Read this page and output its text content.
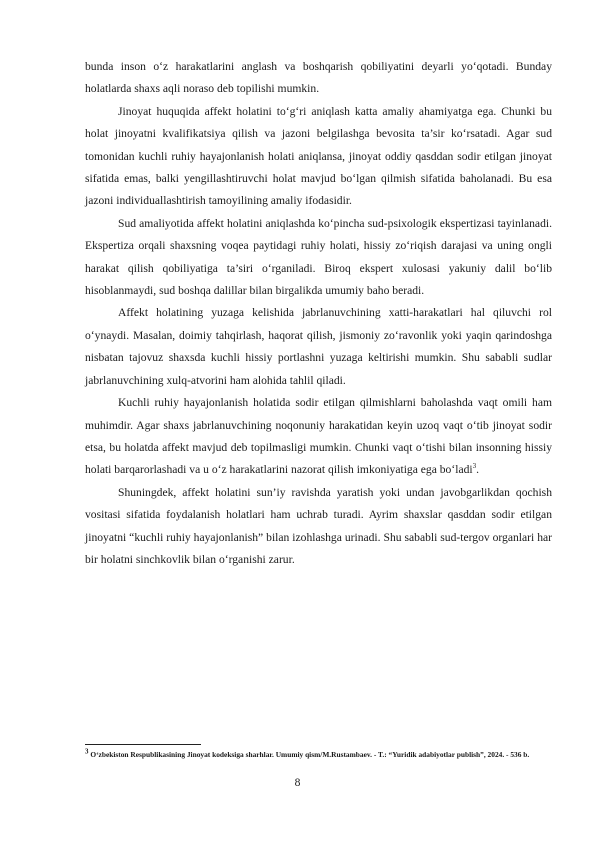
bunda inson o‘z harakatlarini anglash va boshqarish qobiliyatini deyarli yo‘qotadi. Bunday holatlarda shaxs aqli noraso deb topilishi mumkin.

Jinoyat huquqida affekt holatini to‘g‘ri aniqlash katta amaliy ahamiyatga ega. Chunki bu holat jinoyatni kvalifikatsiya qilish va jazoni belgilashga bevosita ta’sir ko‘rsatadi. Agar sud tomonidan kuchli ruhiy hayajonlanish holati aniqlansa, jinoyat oddiy qasddan sodir etilgan jinoyat sifatida emas, balki yengillashtiruvchi holat mavjud bo‘lgan qilmish sifatida baholanadi. Bu esa jazoni individuallashtirish tamoyilining amaliy ifodasidir.

Sud amaliyotida affekt holatini aniqlashda ko‘pincha sud-psixologik ekspertizasi tayinlanadi. Ekspertiza orqali shaxsning voqea paytidagi ruhiy holati, hissiy zo‘riqish darajasi va uning ongli harakat qilish qobiliyatiga ta’siri o‘rganiladi. Biroq ekspert xulosasi yakuniy dalil bo‘lib hisoblanmaydi, sud boshqa dalillar bilan birgalikda umumiy baho beradi.

Affekt holatining yuzaga kelishida jabrlanuvchining xatti-harakatlari hal qiluvchi rol o‘ynaydi. Masalan, doimiy tahqirlash, haqorat qilish, jismoniy zo‘ravonlik yoki yaqin qarindoshga nisbatan tajovuz shaxsda kuchli hissiy portlashni yuzaga keltirishi mumkin. Shu sababli sudlar jabrlanuvchining xulq-atvorini ham alohida tahlil qiladi.

Kuchli ruhiy hayajonlanish holatida sodir etilgan qilmishlarni baholashda vaqt omili ham muhimdir. Agar shaxs jabrlanuvchining noqonuniy harakatidan keyin uzoq vaqt o‘tib jinoyat sodir etsa, bu holatda affekt mavjud deb topilmasligi mumkin. Chunki vaqt o‘tishi bilan insonning hissiy holati barqarorlashadi va u o‘z harakatlarini nazorat qilish imkoniyatiga ega bo‘ladi$^3$.

Shuningdek, affekt holatini sun’iy ravishda yaratish yoki undan javobgarlikdan qochish vositasi sifatida foydalanish holatlari ham uchrab turadi. Ayrim shaxslar qasddan sodir etilgan jinoyatni “kuchli ruhiy hayajonlanish” bilan izohlashga urinadi. Shu sababli sud-tergov organlari har bir holatni sinchkovlik bilan o‘rganishi zarur.

$^3$ O‘zbekiston Respublikasining Jinoyat kodeksiga sharhlar. Umumiy qism/M.Rustambaev. - T.: “Yuridik adabiyotlar publish”, 2024. - 536 b.
8
